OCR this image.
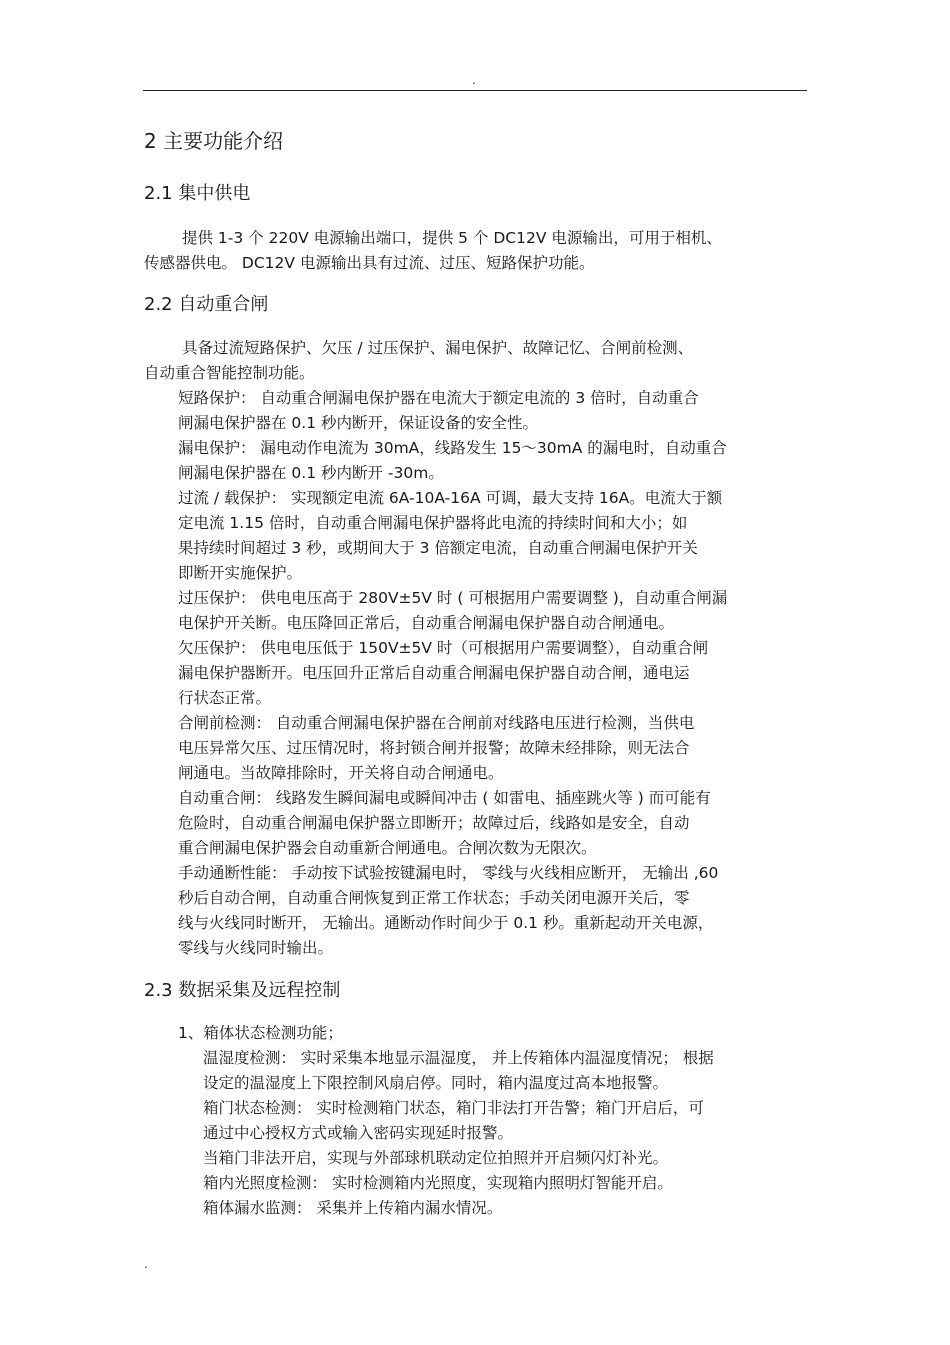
.
2 主要功能介绍
2.1 集中供电
提供 1-3 个 220V 电源输出端口，提供 5 个 DC12V 电源输出，可用于相机、
传感器供电。 DC12V 电源输出具有过流、过压、短路保护功能。
2.2 自动重合闸
具备过流短路保护、欠压 / 过压保护、漏电保护、故障记忆、合闸前检测、
自动重合智能控制功能。
短路保护： 自动重合闸漏电保护器在电流大于额定电流的 3 倍时，自动重合
闸漏电保护器在 0.1 秒内断开，保证设备的安全性。
漏电保护： 漏电动作电流为 30mA，线路发生 15～30mA 的漏电时，自动重合
闸漏电保护器在 0.1 秒内断开 -30m。
过流 / 载保护： 实现额定电流 6A-10A-16A 可调，最大支持 16A。电流大于额
定电流 1.15 倍时，自动重合闸漏电保护器将此电流的持续时间和大小；如
果持续时间超过 3 秒，或期间大于 3 倍额定电流，自动重合闸漏电保护开关
即断开实施保护。
过压保护： 供电电压高于 280V±5V 时 ( 可根据用户需要调整 )，自动重合闸漏
电保护开关断。电压降回正常后，自动重合闸漏电保护器自动合闸通电。
欠压保护： 供电电压低于 150V±5V 时（可根据用户需要调整），自动重合闸
漏电保护器断开。电压回升正常后自动重合闸漏电保护器自动合闸，通电运
行状态正常。
合闸前检测： 自动重合闸漏电保护器在合闸前对线路电压进行检测，当供电
电压异常欠压、过压情况时，将封锁合闸并报警；故障未经排除，则无法合
闸通电。当故障排除时，开关将自动合闸通电。
自动重合闸： 线路发生瞬间漏电或瞬间冲击 ( 如雷电、插座跳火等 ) 而可能有
危险时，自动重合闸漏电保护器立即断开；故障过后，线路如是安全，自动
重合闸漏电保护器会自动重新合闸通电。合闸次数为无限次。
手动通断性能： 手动按下试验按键漏电时， 零线与火线相应断开， 无输出 ,60
秒后自动合闸，自动重合闸恢复到正常工作状态；手动关闭电源开关后，零
线与火线同时断开， 无输出。通断动作时间少于 0.1 秒。重新起动开关电源，
零线与火线同时输出。
2.3 数据采集及远程控制
1、箱体状态检测功能；
温湿度检测： 实时采集本地显示温湿度， 并上传箱体内温湿度情况； 根据
设定的温湿度上下限控制风扇启停。同时，箱内温度过高本地报警。
箱门状态检测： 实时检测箱门状态，箱门非法打开告警；箱门开启后，可
通过中心授权方式或输入密码实现延时报警。
当箱门非法开启，实现与外部球机联动定位拍照并开启频闪灯补光。
箱内光照度检测： 实时检测箱内光照度，实现箱内照明灯智能开启。
箱体漏水监测： 采集并上传箱内漏水情况。
.
